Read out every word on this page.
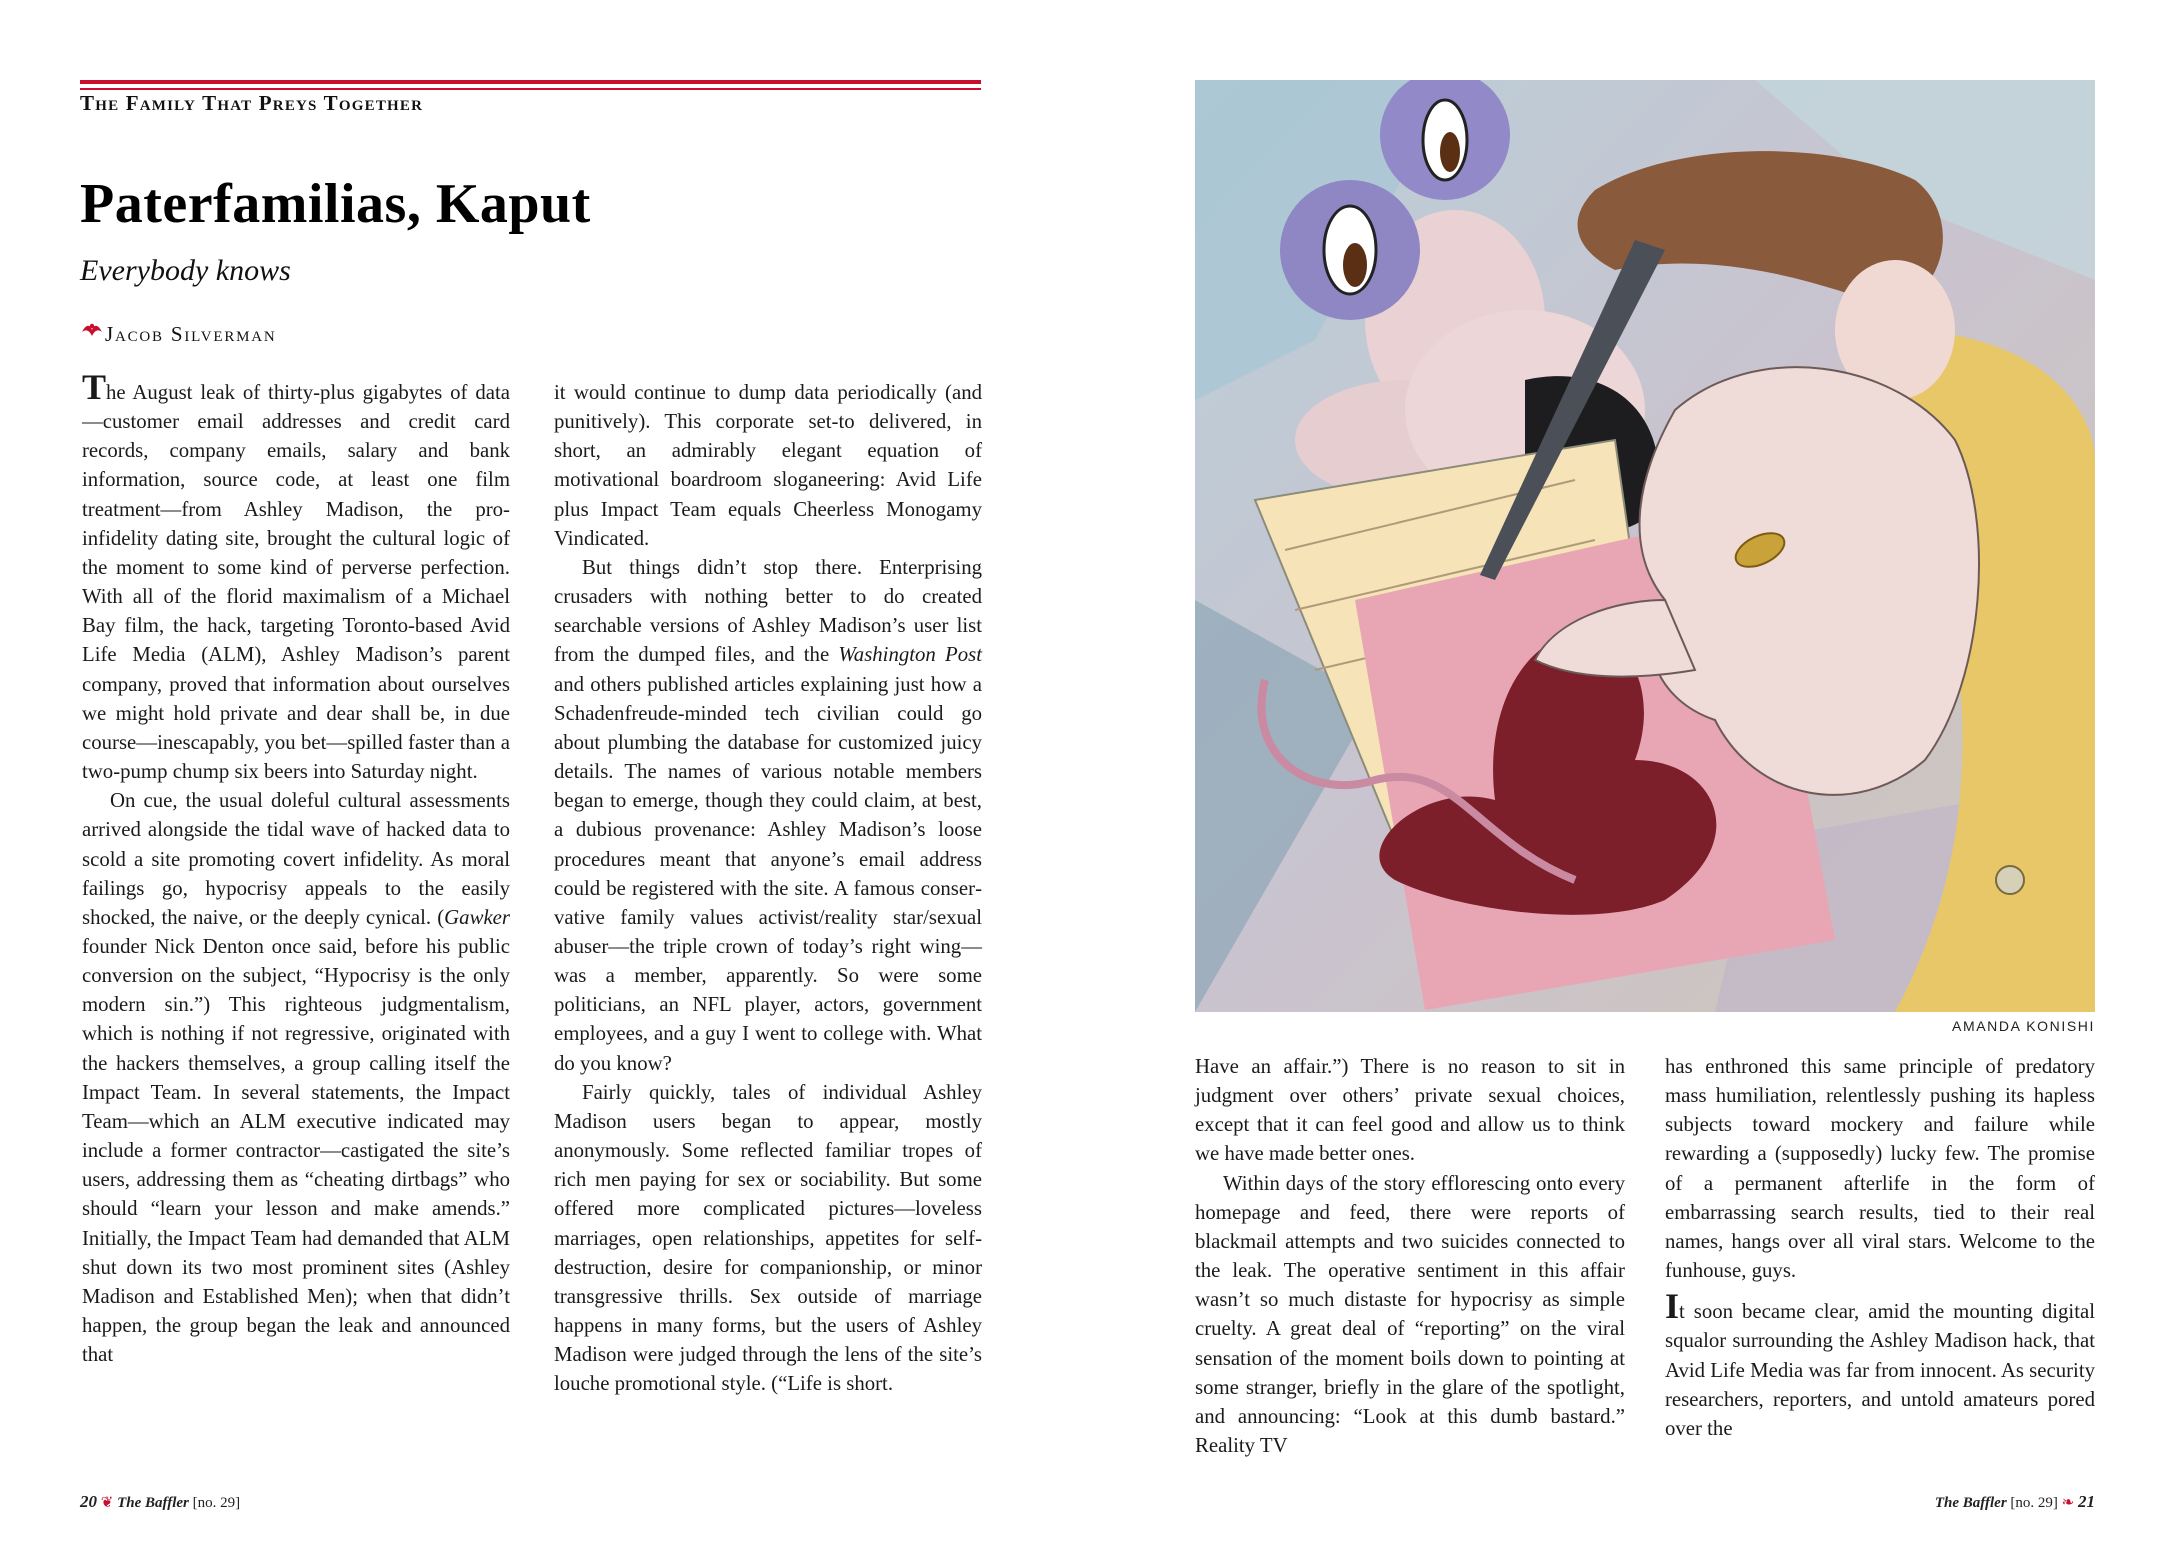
The Family That Preys Together
Paterfamilias, Kaput
Everybody knows
Jacob Silverman

The August leak of thirty-plus gigabytes of data—customer email addresses and credit card records, company emails, salary and bank information, source code, at least one film treatment—from Ashley Madison, the pro-infidelity dating site, brought the cultural logic of the moment to some kind of perverse perfection. With all of the florid maximalism of a Michael Bay film, the hack, targeting Toronto-based Avid Life Media (ALM), Ashley Madison’s parent company, proved that information about ourselves we might hold private and dear shall be, in due course—inescapably, you bet—spilled faster than a two-pump chump six beers into Saturday night.

On cue, the usual doleful cultural assessments arrived alongside the tidal wave of hacked data to scold a site promoting covert infidelity. As moral failings go, hypocrisy appeals to the easily shocked, the naive, or the deeply cynical. (Gawker founder Nick Denton once said, before his public conversion on the subject, “Hypocrisy is the only modern sin.”) This righteous judgmentalism, which is nothing if not regressive, originated with the hackers themselves, a group calling itself the Impact Team. In several statements, the Impact Team—which an ALM executive indicated may include a former contractor—castigated the site’s users, addressing them as “cheating dirtbags” who should “learn your lesson and make amends.” Initially, the Impact Team had demanded that ALM shut down its two most prominent sites (Ashley Madison and Established Men); when that didn’t happen, the group began the leak and announced that

it would continue to dump data periodically (and punitively). This corporate set-to delivered, in short, an admirably elegant equation of motivational boardroom sloganeering: Avid Life plus Impact Team equals Cheerless Monogamy Vindicated.

But things didn’t stop there. Enterprising crusaders with nothing better to do created searchable versions of Ashley Madison’s user list from the dumped files, and the Washington Post and others published articles explaining just how a Schadenfreude-minded tech civilian could go about plumbing the database for customized juicy details. The names of various notable members began to emerge, though they could claim, at best, a dubious provenance: Ashley Madison’s loose procedures meant that anyone’s email address could be registered with the site. A famous conservative family values activist/reality star/sexual abuser—the triple crown of today’s right wing—was a member, apparently. So were some politicians, an NFL player, actors, government employees, and a guy I went to college with. What do you know?

Fairly quickly, tales of individual Ashley Madison users began to appear, mostly anonymously. Some reflected familiar tropes of rich men paying for sex or sociability. But some offered more complicated pictures—loveless marriages, open relationships, appetites for self-destruction, desire for companionship, or minor transgressive thrills. Sex outside of marriage happens in many forms, but the users of Ashley Madison were judged through the lens of the site’s louche promotional style. (“Life is short.

AMANDA KONISHI

Have an affair.”) There is no reason to sit in judgment over others’ private sexual choices, except that it can feel good and allow us to think we have made better ones.

Within days of the story efflorescing onto every homepage and feed, there were reports of blackmail attempts and two suicides connected to the leak. The operative sentiment in this affair wasn’t so much distaste for hypocrisy as simple cruelty. A great deal of “reporting” on the viral sensation of the moment boils down to pointing at some stranger, briefly in the glare of the spotlight, and announcing: “Look at this dumb bastard.” Reality TV

has enthroned this same principle of predatory mass humiliation, relentlessly pushing its hapless subjects toward mockery and failure while rewarding a (supposedly) lucky few. The promise of a permanent afterlife in the form of embarrassing search results, tied to their real names, hangs over all viral stars. Welcome to the funhouse, guys.

It soon became clear, amid the mounting digital squalor surrounding the Ashley Madison hack, that Avid Life Media was far from innocent. As security researchers, reporters, and untold amateurs pored over the

20 ❦ The Baffler [no. 29]	The Baffler [no. 29] ❧ 21
